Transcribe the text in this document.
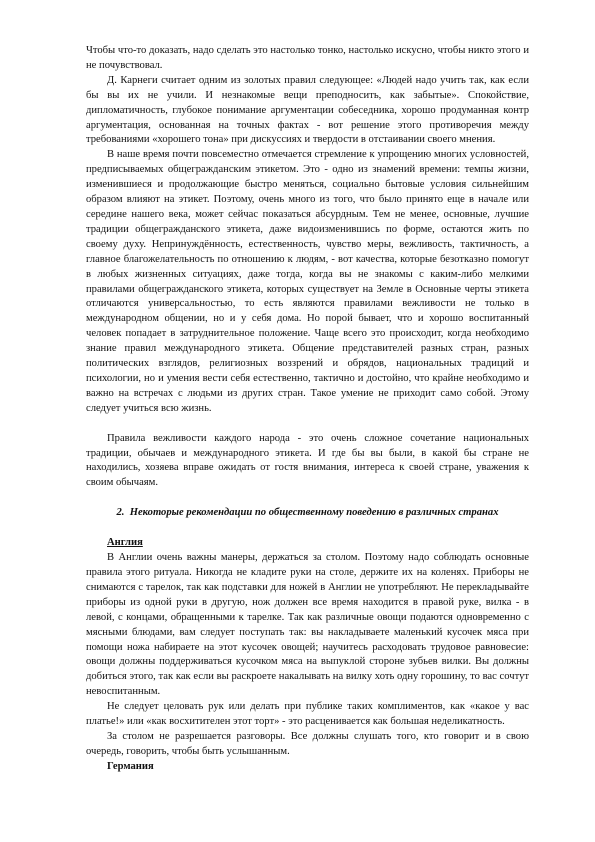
Чтобы что-то доказать, надо сделать это настолько тонко, настолько искусно, чтобы никто этого и не почувствовал.

Д. Карнеги считает одним из золотых правил следующее: «Людей надо учить так, как если бы вы их не учили. И незнакомые вещи преподносить, как забытые». Спокойствие, дипломатичность, глубокое понимание аргументации собеседника, хорошо продуманная контр аргументация, основанная на точных фактах - вот решение этого противоречия между требованиями «хорошего тона» при дискуссиях и твердости в отстаивании своего мнения.

В наше время почти повсеместно отмечается стремление к упрощению многих условностей, предписываемых общегражданским этикетом. Это - одно из знамений времени: темпы жизни, изменившиеся и продолжающие быстро меняться, социально бытовые условия сильнейшим образом влияют на этикет. Поэтому, очень много из того, что было принято еще в начале или середине нашего века, может сейчас показаться абсурдным. Тем не менее, основные, лучшие традиции общегражданского этикета, даже видоизменившись по форме, остаются жить по своему духу. Непринуждённость, естественность, чувство меры, вежливость, тактичность, а главное благожелательность по отношению к людям, - вот качества, которые безотказно помогут в любых жизненных ситуациях, даже тогда, когда вы не знакомы с каким-либо мелкими правилами общегражданского этикета, которых существует на Земле в Основные черты этикета отличаются универсальностью, то есть являются правилами вежливости не только в международном общении, но и у себя дома. Но порой бывает, что и хорошо воспитанный человек попадает в затруднительное положение. Чаще всего это происходит, когда необходимо знание правил международного этикета. Общение представителей разных стран, разных политических взглядов, религиозных воззрений и обрядов, национальных традиций и психологии, но и умения вести себя естественно, тактично и достойно, что крайне необходимо и важно на встречах с людьми из других стран. Такое умение не приходит само собой. Этому следует учиться всю жизнь.

Правила вежливости каждого народа - это очень сложное сочетание национальных традиции, обычаев и международного этикета. И где бы вы были, в какой бы стране не находились, хозяева вправе ожидать от гостя внимания, интереса к своей стране, уважения к своим обычаям.

2. Некоторые рекомендации по общественному поведению в различных странах

Англия

В Англии очень важны манеры, держаться за столом. Поэтому надо соблюдать основные правила этого ритуала. Никогда не кладите руки на столе, держите их на коленях. Приборы не снимаются с тарелок, так как подставки для ножей в Англии не употребляют. Не перекладывайте приборы из одной руки в другую, нож должен все время находится в правой руке, вилка - в левой, с концами, обращенными к тарелке. Так как различные овощи подаются одновременно с мясными блюдами, вам следует поступать так: вы накладываете маленький кусочек мяса при помощи ножа набираете на этот кусочек овощей; научитесь расходовать трудовое равновесие: овощи должны поддерживаться кусочком мяса на выпуклой стороне зубьев вилки. Вы должны добиться этого, так как если вы раскроете накалывать на вилку хоть одну горошину, то вас сочтут невоспитанным.

Не следует целовать рук или делать при публике таких комплиментов, как «какое у вас платье!» или «как восхитителен этот торт» - это расценивается как большая неделикатность.

За столом не разрешается разговоры. Все должны слушать того, кто говорит и в свою очередь, говорить, чтобы быть услышанным.

Германия
